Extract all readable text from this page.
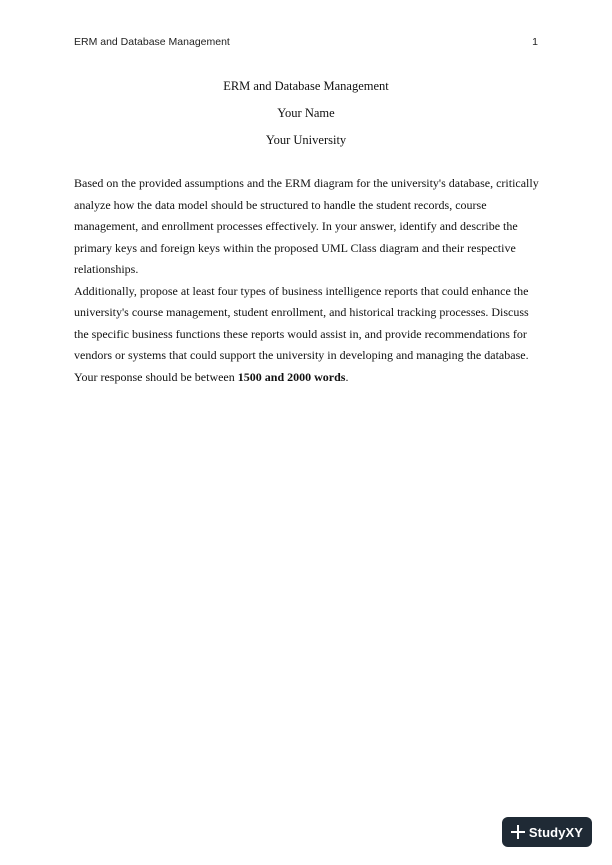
ERM and Database Management	1
ERM and Database Management
Your Name
Your University

Based on the provided assumptions and the ERM diagram for the university's database, critically analyze how the data model should be structured to handle the student records, course management, and enrollment processes effectively. In your answer, identify and describe the primary keys and foreign keys within the proposed UML Class diagram and their respective relationships.

Additionally, propose at least four types of business intelligence reports that could enhance the university's course management, student enrollment, and historical tracking processes. Discuss the specific business functions these reports would assist in, and provide recommendations for vendors or systems that could support the university in developing and managing the database.

Your response should be between 1500 and 2000 words.

StudyXY
